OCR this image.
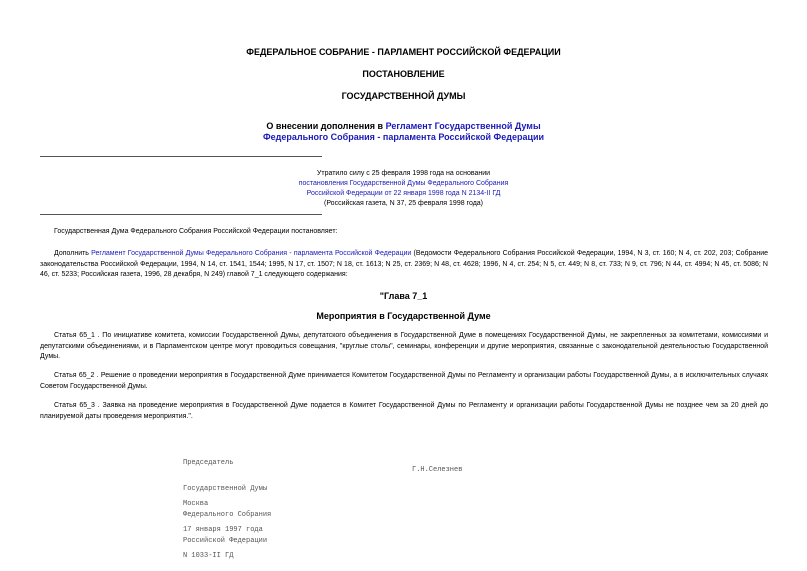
ФЕДЕРАЛЬНОЕ СОБРАНИЕ - ПАРЛАМЕНТ РОССИЙСКОЙ ФЕДЕРАЦИИ
ПОСТАНОВЛЕНИЕ
ГОСУДАРСТВЕННОЙ ДУМЫ
О внесении дополнения в Регламент Государственной Думы
Федерального Собрания - парламента Российской Федерации
Утратило силу с 25 февраля 1998 года на основании
постановления Государственной Думы Федерального Собрания
Российской Федерации от 22 января 1998 года N 2134-II ГД
(Российская газета, N 37, 25 февраля 1998 года)
Государственная Дума Федерального Собрания Российской Федерации постановляет:
Дополнить Регламент Государственной Думы Федерального Собрания - парламента Российской Федерации (Ведомости Федерального Собрания Российской Федерации, 1994, N 3, ст. 160; N 4, ст. 202, 203; Собрание законодательства Российской Федерации, 1994, N 14, ст. 1541, 1544; 1995, N 17, ст. 1507; N 18, ст. 1613; N 25, ст. 2369; N 48, ст. 4628; 1996, N 4, ст. 254; N 5, ст. 449; N 8, ст. 733; N 9, ст. 796; N 44, ст. 4994; N 45, ст. 5086; N 46, ст. 5233; Российская газета, 1996, 28 декабря, N 249) главой 7_1 следующего содержания:
"Глава 7_1
Мероприятия в Государственной Думе
Статья 65_1 . По инициативе комитета, комиссии Государственной Думы, депутатского объединения в Государственной Думе в помещениях Государственной Думы, не закрепленных за комитетами, комиссиями и депутатскими объединениями, и в Парламентском центре могут проводиться совещания, "круглые столы", семинары, конференции и другие мероприятия, связанные с законодательной деятельностью Государственной Думы.
Статья 65_2 . Решение о проведении мероприятия в Государственной Думе принимается Комитетом Государственной Думы по Регламенту и организации работы Государственной Думы, а в исключительных случаях Советом Государственной Думы.
Статья 65_3 . Заявка на проведение мероприятия в Государственной Думе подается в Комитет Государственной Думы по Регламенту и организации работы Государственной Думы не позднее чем за 20 дней до планируемой даты проведения мероприятия.".

Председатель

Государственной Думы

Федерального Собрания

Российской Федерации

Г.Н.Селезнев

Москва

17 января 1997 года

N 1033-II ГД
